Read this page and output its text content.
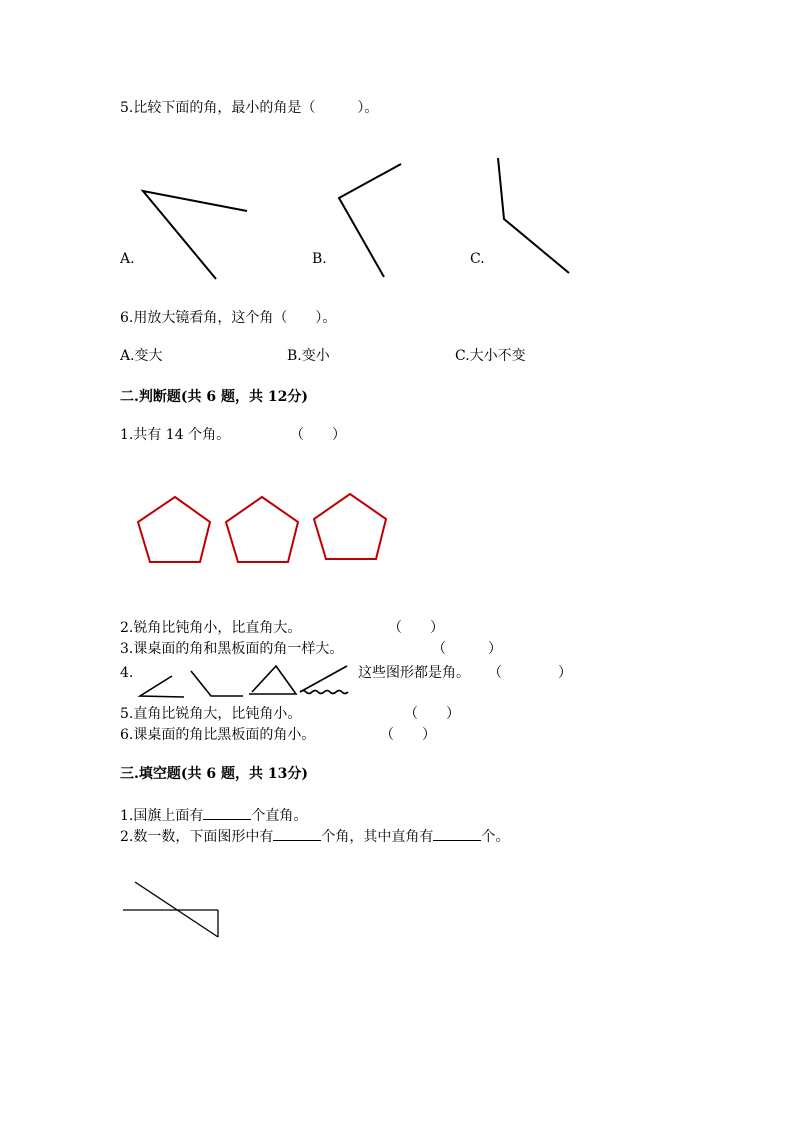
5.比较下面的角，最小的角是（　　　）。
A.	B.	C.
6.用放大镜看角，这个角（　　）。
A.变大	B.变小	C.大小不变
二.判断题(共 6 题，共 12分)
1.共有 14 个角。	（　　）
2.锐角比钝角小，比直角大。	（　　）
3.课桌面的角和黑板面的角一样大。	（　　　）
4.	这些图形都是角。 （　　　　）
5.直角比锐角大，比钝角小。	（　　）
6.课桌面的角比黑板面的角小。	（　　）
三.填空题(共 6 题，共 13分)
1.国旗上面有	个直角。
2.数一数，下面图形中有	个角，其中直角有	个。
